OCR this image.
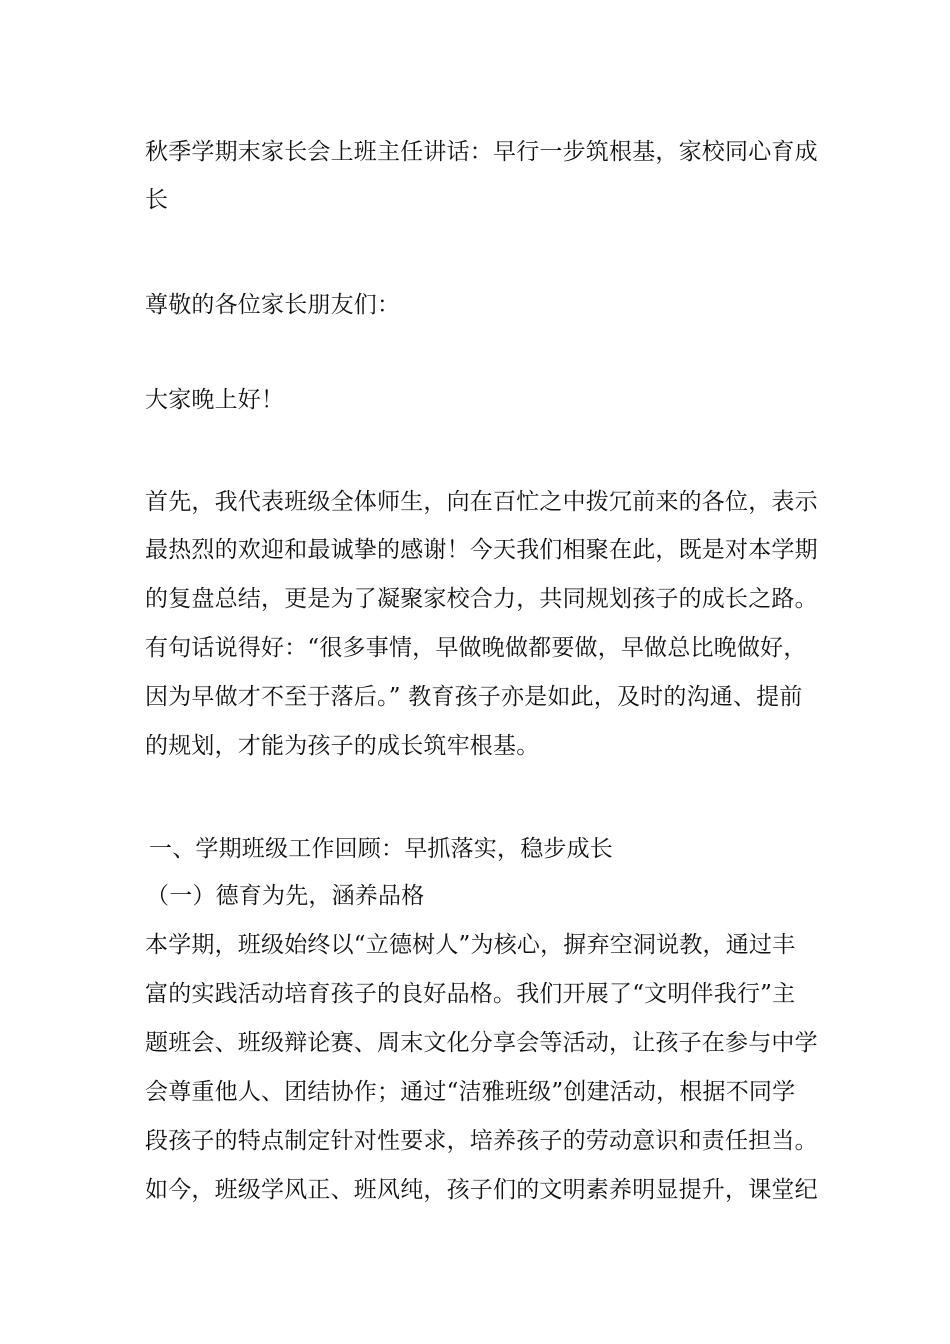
秋季学期末家长会上班主任讲话：早行一步筑根基，家校同心育成
长
尊敬的各位家长朋友们：
大家晚上好！
首先，我代表班级全体师生，向在百忙之中拨冗前来的各位，表示
最热烈的欢迎和最诚挚的感谢！今天我们相聚在此，既是对本学期
的复盘总结，更是为了凝聚家校合力，共同规划孩子的成长之路。
有句话说得好：“很多事情，早做晚做都要做，早做总比晚做好，
因为早做才不至于落后。” 教育孩子亦是如此，及时的沟通、提前
的规划，才能为孩子的成长筑牢根基。
一、学期班级工作回顾：早抓落实，稳步成长
（一）德育为先，涵养品格
本学期，班级始终以“立德树人”为核心，摒弃空洞说教，通过丰
富的实践活动培育孩子的良好品格。我们开展了“文明伴我行”主
题班会、班级辩论赛、周末文化分享会等活动，让孩子在参与中学
会尊重他人、团结协作；通过“洁雅班级”创建活动，根据不同学
段孩子的特点制定针对性要求，培养孩子的劳动意识和责任担当。
如今，班级学风正、班风纯，孩子们的文明素养明显提升，课堂纪
